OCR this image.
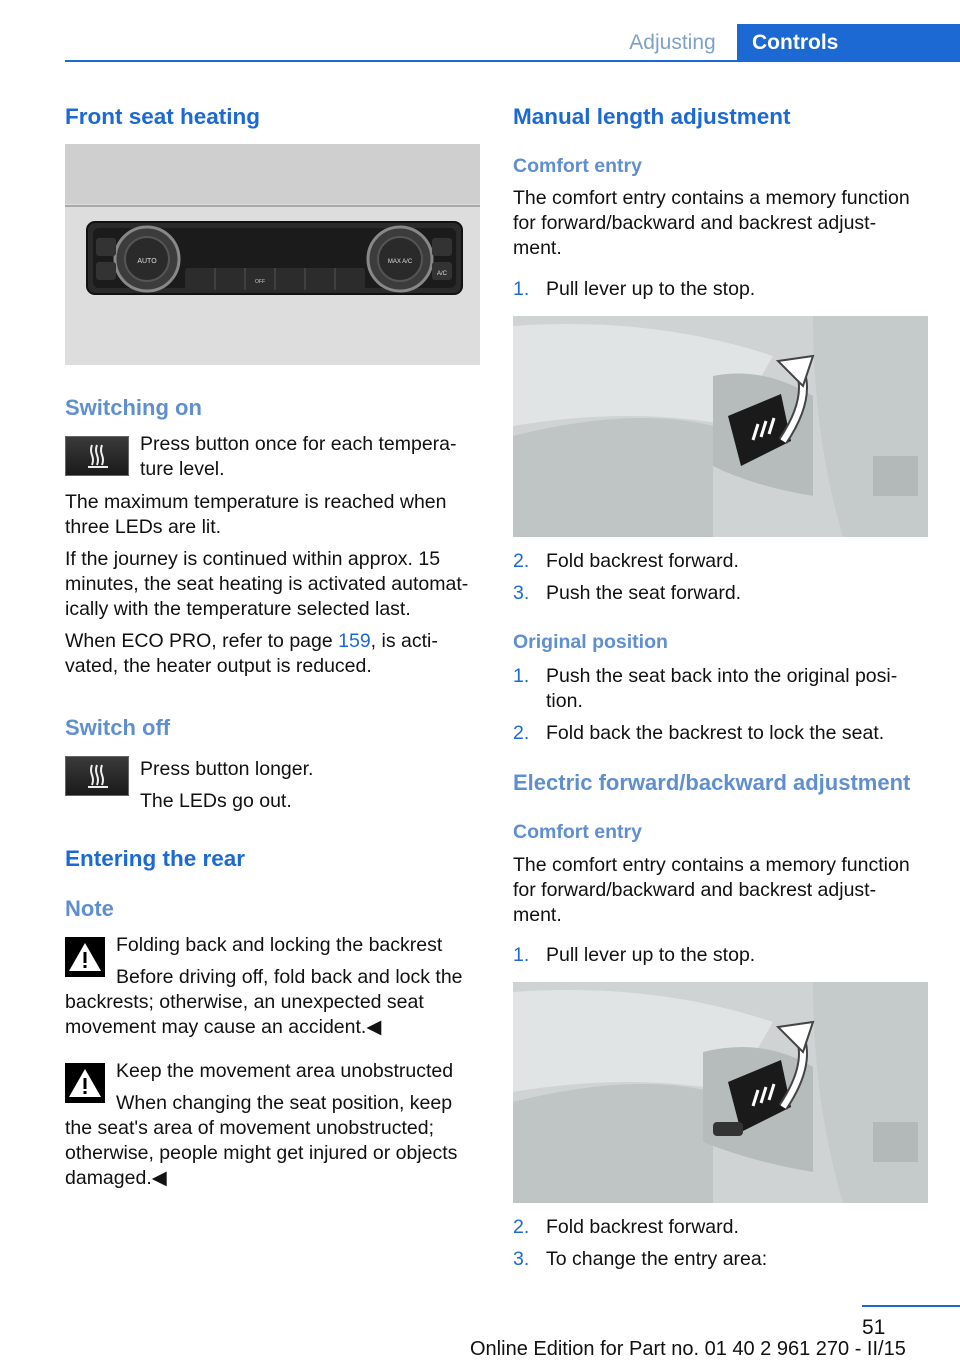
Adjusting	Controls
Front seat heating
AUTO	MAX A/C
A/C
OFF
Switching on
Press button once for each tempera-
ture level.
The maximum temperature is reached when
three LEDs are lit.
If the journey is continued within approx. 15
minutes, the seat heating is activated automat-
ically with the temperature selected last.
When ECO PRO, refer to page 159, is acti-
vated, the heater output is reduced.
Switch off
Press button longer.
The LEDs go out.
Entering the rear
Note
Folding back and locking the backrest
Before driving off, fold back and lock the
backrests; otherwise, an unexpected seat
movement may cause an accident.◀
Keep the movement area unobstructed
When changing the seat position, keep
the seat's area of movement unobstructed;
otherwise, people might get injured or objects
damaged.◀
Manual length adjustment
Comfort entry
The comfort entry contains a memory function
for forward/backward and backrest adjust-
ment.
1. Pull lever up to the stop.
2. Fold backrest forward.
3. Push the seat forward.
Original position
1. Push the seat back into the original posi-
tion.
2. Fold back the backrest to lock the seat.
Electric forward/backward adjustment
Comfort entry
The comfort entry contains a memory function
for forward/backward and backrest adjust-
ment.
1. Pull lever up to the stop.
2. Fold backrest forward.
3. To change the entry area:
51
Online Edition for Part no. 01 40 2 961 270 - II/15
